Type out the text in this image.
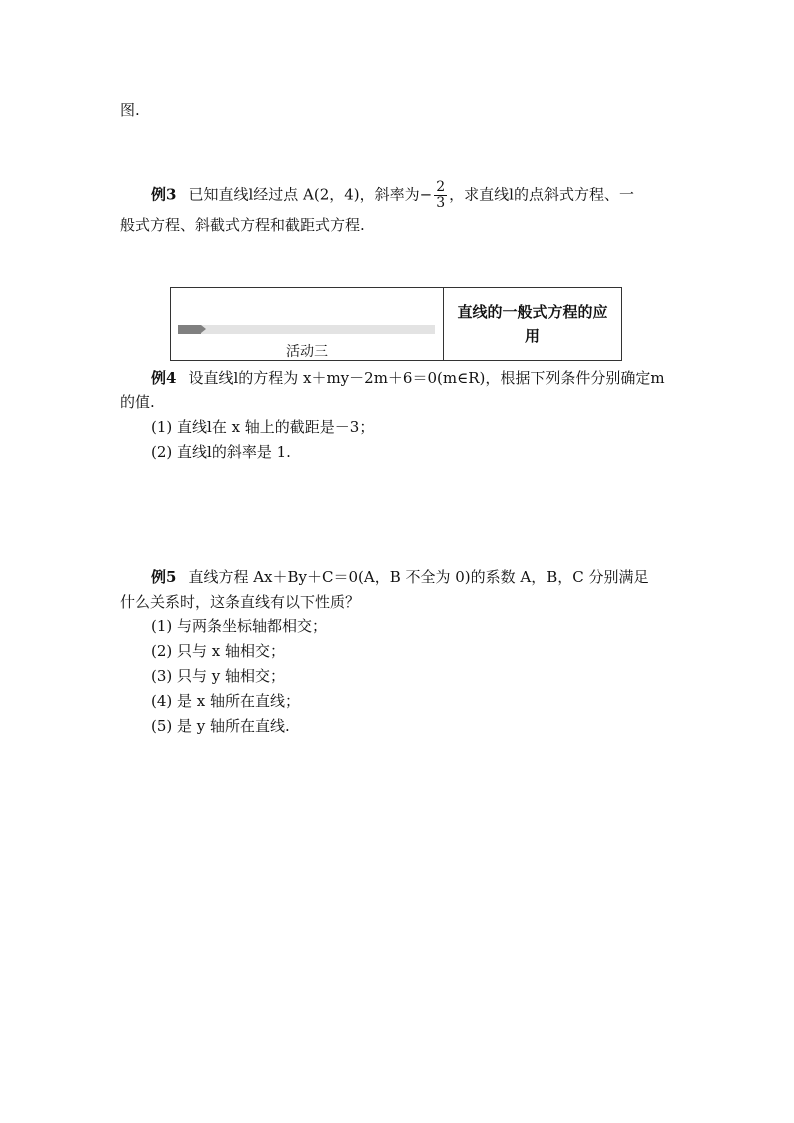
图.
例3 已知直线l经过点 A(2，4)，斜率为− $\frac{2}{3}$ ，求直线l的点斜式方程、一
般式方程、斜截式方程和截距式方程.
活动三
直线的一般式方程的应用
例4 设直线l的方程为 x＋my－2m＋6＝0(m∈R)，根据下列条件分别确定m
的值.
(1) 直线l在 x 轴上的截距是－3；
(2) 直线l的斜率是 1.
例5 直线方程 Ax＋By＋C＝0(A，B 不全为 0)的系数 A，B，C 分别满足
什么关系时，这条直线有以下性质？
(1) 与两条坐标轴都相交；
(2) 只与 x 轴相交；
(3) 只与 y 轴相交；
(4) 是 x 轴所在直线；
(5) 是 y 轴所在直线.
